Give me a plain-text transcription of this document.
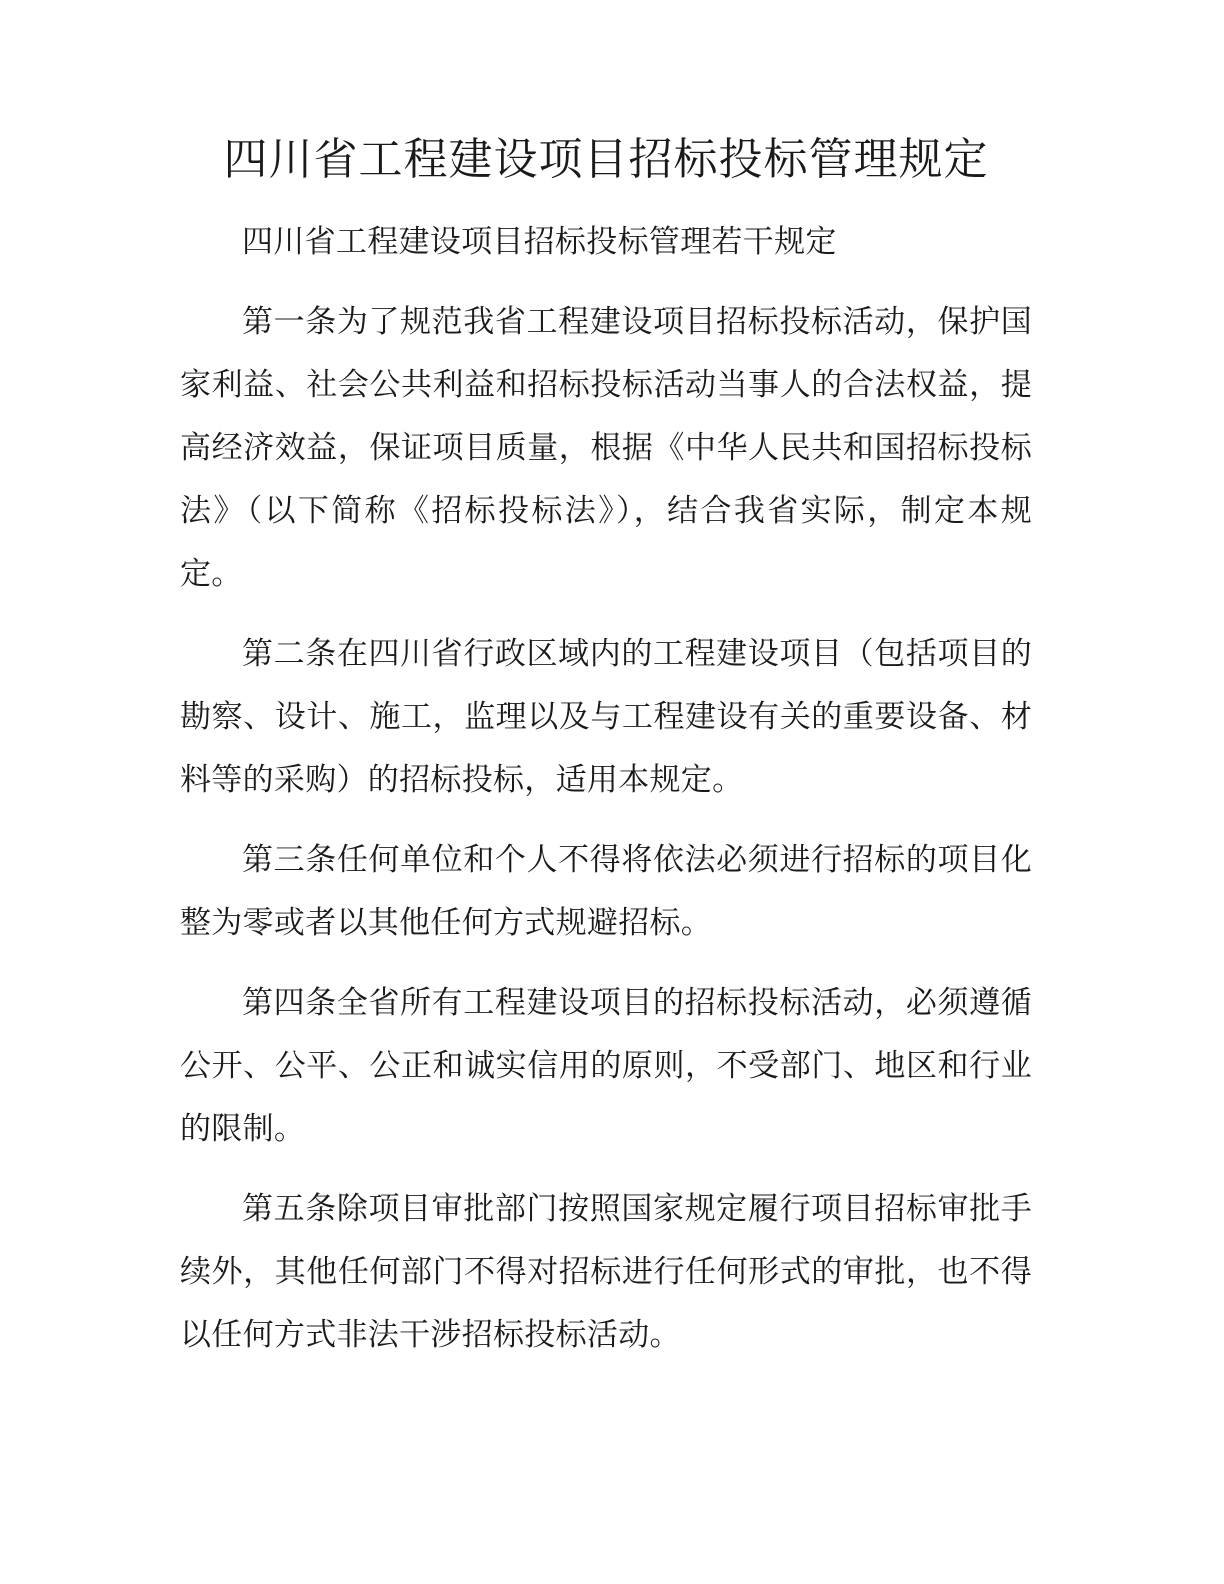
四川省工程建设项目招标投标管理规定

四川省工程建设项目招标投标管理若干规定

第一条为了规范我省工程建设项目招标投标活动，保护国家利益、社会公共利益和招标投标活动当事人的合法权益，提高经济效益，保证项目质量，根据《中华人民共和国招标投标法》（以下简称《招标投标法》），结合我省实际，制定本规定。

第二条在四川省行政区域内的工程建设项目（包括项目的勘察、设计、施工，监理以及与工程建设有关的重要设备、材料等的采购）的招标投标，适用本规定。

第三条任何单位和个人不得将依法必须进行招标的项目化整为零或者以其他任何方式规避招标。

第四条全省所有工程建设项目的招标投标活动，必须遵循公开、公平、公正和诚实信用的原则，不受部门、地区和行业的限制。

第五条除项目审批部门按照国家规定履行项目招标审批手续外，其他任何部门不得对招标进行任何形式的审批，也不得以任何方式非法干涉招标投标活动。
